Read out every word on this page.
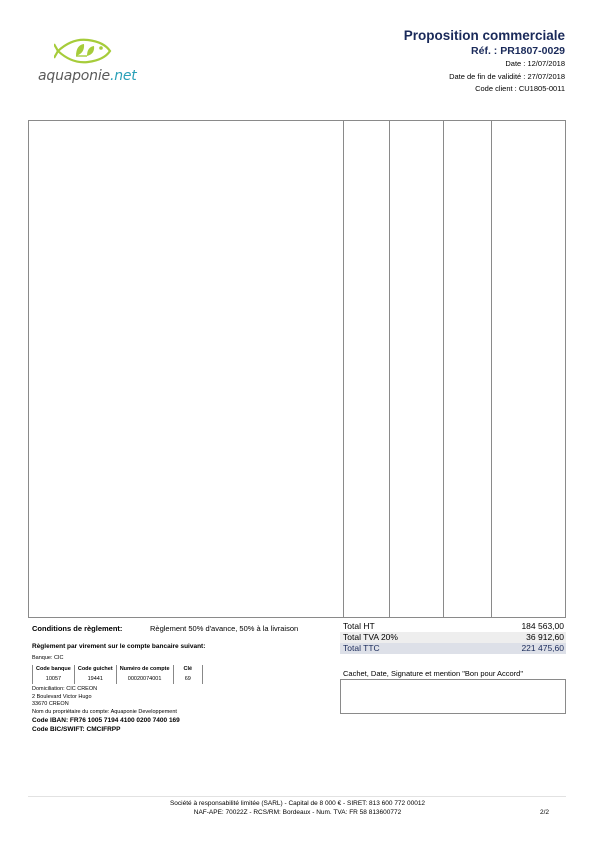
aquaponie.net
Proposition commerciale
Réf. : PR1807-0029
Date : 12/07/2018
Date de fin de validité : 27/07/2018
Code client : CU1805-0011
Conditions de règlement:	Règlement 50% d'avance, 50% à la livraison
Règlement par virement sur le compte bancaire suivant:
Banque: CIC
Code banque	Code guichet	Numéro de compte	Clé
10057	19441	00020074001	69
Domiciliation: CIC CREON
2 Boulevard Victor Hugo
33670 CREON
Nom du propriétaire du compte: Aquaponie Developpement
Code IBAN: FR76 1005 7194 4100 0200 7400 169
Code BIC/SWIFT: CMCIFRPP
Total HT	184 563,00
Total TVA 20%	36 912,60
Total TTC	221 475,60
Cachet, Date, Signature et mention "Bon pour Accord"
Société à responsabilité limitée (SARL) - Capital de 8 000 € - SIRET: 813 600 772 00012
NAF-APE: 70022Z - RCS/RM: Bordeaux - Num. TVA: FR 58 813600772	2/2
